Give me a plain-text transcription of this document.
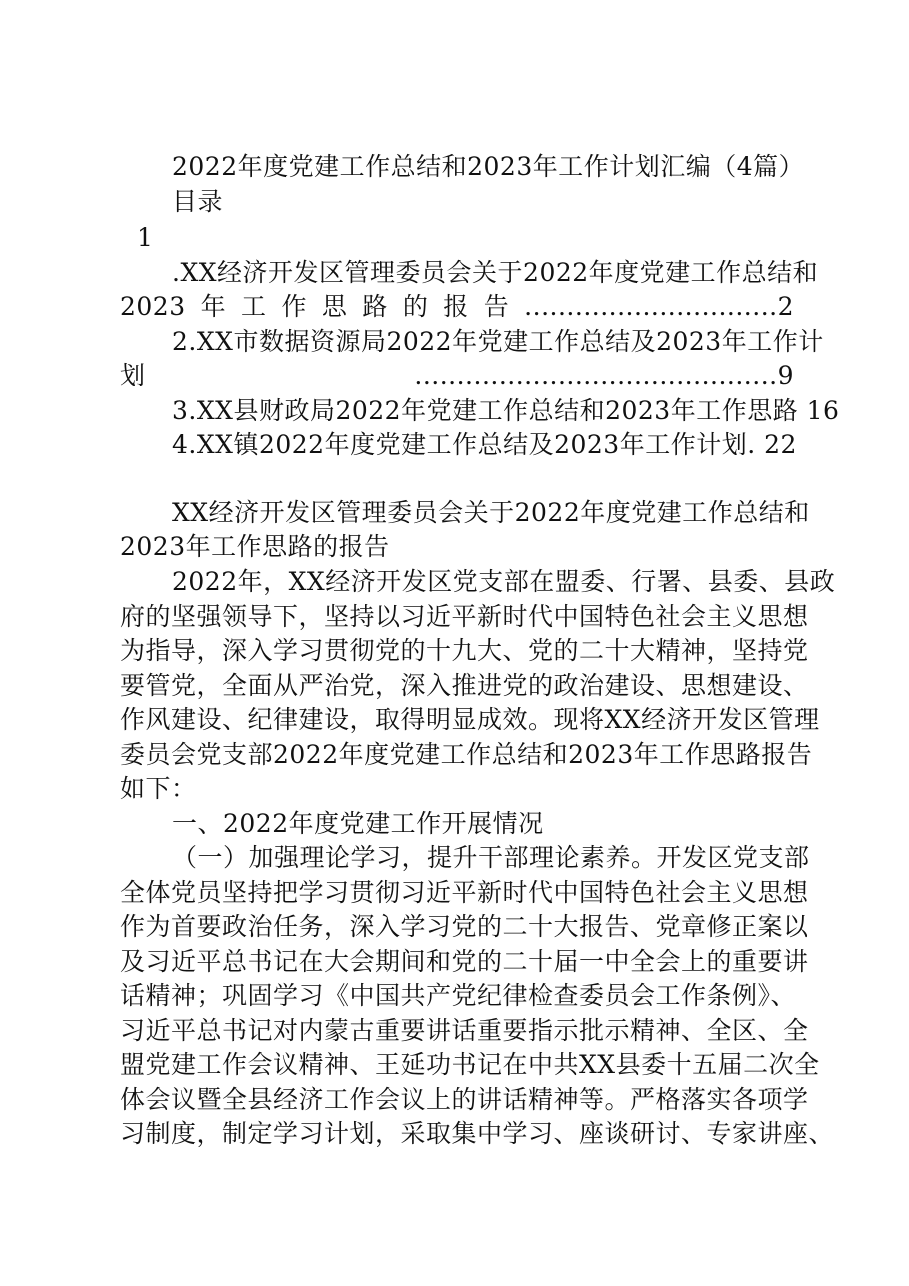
2022年度党建工作总结和2023年工作计划汇编（4篇）
目录
1
.XX经济开发区管理委员会关于2022年度党建工作总结和
2023年工作思路的报告..............................2
2.XX市数据资源局2022年党建工作总结及2023年工作计
划...........................................9
3.XX县财政局2022年党建工作总结和2023年工作思路 16
4.XX镇2022年度党建工作总结及2023年工作计划. 22
XX经济开发区管理委员会关于2022年度党建工作总结和
2023年工作思路的报告
2022年，XX经济开发区党支部在盟委、行署、县委、县政
府的坚强领导下，坚持以习近平新时代中国特色社会主义思想
为指导，深入学习贯彻党的十九大、党的二十大精神，坚持党
要管党，全面从严治党，深入推进党的政治建设、思想建设、
作风建设、纪律建设，取得明显成效。现将XX经济开发区管理
委员会党支部2022年度党建工作总结和2023年工作思路报告
如下：
一、2022年度党建工作开展情况
（一）加强理论学习，提升干部理论素养。开发区党支部
全体党员坚持把学习贯彻习近平新时代中国特色社会主义思想
作为首要政治任务，深入学习党的二十大报告、党章修正案以
及习近平总书记在大会期间和党的二十届一中全会上的重要讲
话精神；巩固学习《中国共产党纪律检查委员会工作条例》、
习近平总书记对内蒙古重要讲话重要指示批示精神、全区、全
盟党建工作会议精神、王延功书记在中共XX县委十五届二次全
体会议暨全县经济工作会议上的讲话精神等。严格落实各项学
习制度，制定学习计划，采取集中学习、座谈研讨、专家讲座、
